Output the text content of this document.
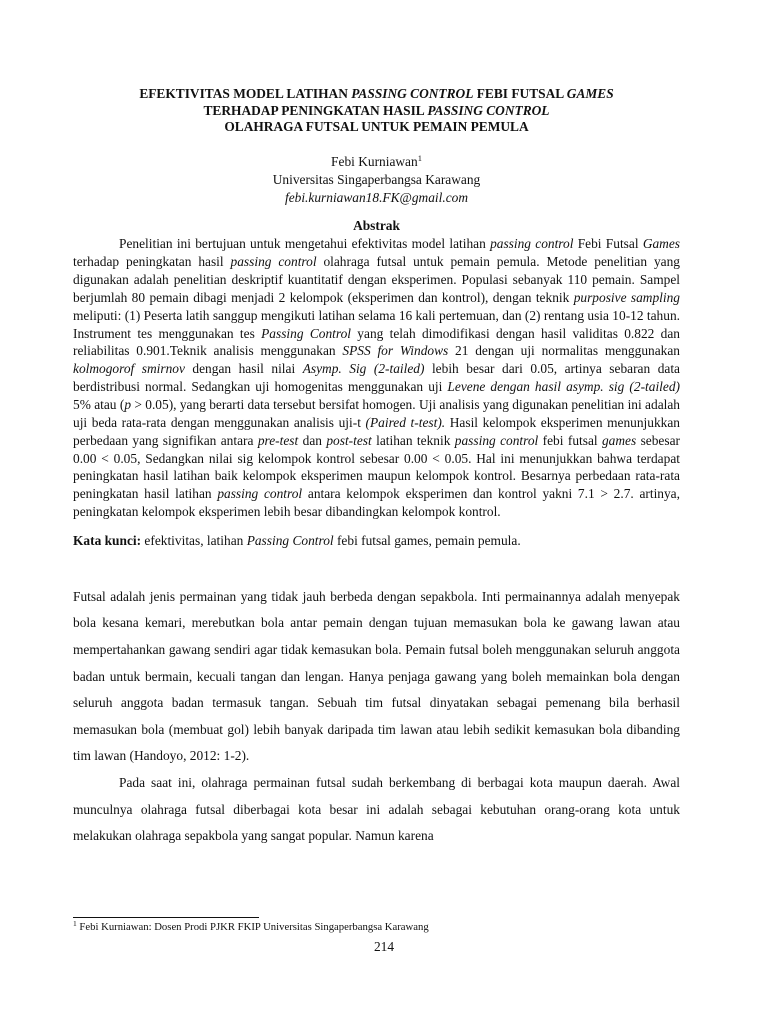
EFEKTIVITAS MODEL LATIHAN PASSING CONTROL FEBI FUTSAL GAMES
TERHADAP PENINGKATAN HASIL PASSING CONTROL
OLAHRAGA FUTSAL UNTUK PEMAIN PEMULA
Febi Kurniawan$^1$
Universitas Singaperbangsa Karawang
febi.kurniawan18.FK@gmail.com
Abstrak

Penelitian ini bertujuan untuk mengetahui efektivitas model latihan passing control Febi Futsal Games terhadap peningkatan hasil passing control olahraga futsal untuk pemain pemula. Metode penelitian yang digunakan adalah penelitian deskriptif kuantitatif dengan eksperimen. Populasi sebanyak 110 pemain. Sampel berjumlah 80 pemain dibagi menjadi 2 kelompok (eksperimen dan kontrol), dengan teknik purposive sampling meliputi: (1) Peserta latih sanggup mengikuti latihan selama 16 kali pertemuan, dan (2) rentang usia 10-12 tahun. Instrument tes menggunakan tes Passing Control yang telah dimodifikasi dengan hasil validitas 0.822 dan reliabilitas 0.901.Teknik analisis menggunakan SPSS for Windows 21 dengan uji normalitas menggunakan kolmogorof smirnov dengan hasil nilai Asymp. Sig (2-tailed) lebih besar dari 0.05, artinya sebaran data berdistribusi normal. Sedangkan uji homogenitas menggunakan uji Levene dengan hasil asymp. sig (2-tailed) 5% atau (p > 0.05), yang berarti data tersebut bersifat homogen. Uji analisis yang digunakan penelitian ini adalah uji beda rata-rata dengan menggunakan analisis uji-t (Paired t-test). Hasil kelompok eksperimen menunjukkan perbedaan yang signifikan antara pre-test dan post-test latihan teknik passing control febi futsal games sebesar 0.00 < 0.05, Sedangkan nilai sig kelompok kontrol sebesar 0.00 < 0.05. Hal ini menunjukkan bahwa terdapat peningkatan hasil latihan baik kelompok eksperimen maupun kelompok kontrol. Besarnya perbedaan rata-rata peningkatan hasil latihan passing control antara kelompok eksperimen dan kontrol yakni 7.1 > 2.7. artinya, peningkatan kelompok eksperimen lebih besar dibandingkan kelompok kontrol.

Kata kunci: efektivitas, latihan Passing Control febi futsal games, pemain pemula.

Futsal adalah jenis permainan yang tidak jauh berbeda dengan sepakbola. Inti permainannya adalah menyepak bola kesana kemari, merebutkan bola antar pemain dengan tujuan memasukan bola ke gawang lawan atau mempertahankan gawang sendiri agar tidak kemasukan bola. Pemain futsal boleh menggunakan seluruh anggota badan untuk bermain, kecuali tangan dan lengan. Hanya penjaga gawang yang boleh memainkan bola dengan seluruh anggota badan termasuk tangan. Sebuah tim futsal dinyatakan sebagai pemenang bila berhasil memasukan bola (membuat gol) lebih banyak daripada tim lawan atau lebih sedikit kemasukan bola dibanding tim lawan (Handoyo, 2012: 1-2).

Pada saat ini, olahraga permainan futsal sudah berkembang di berbagai kota maupun daerah. Awal munculnya olahraga futsal diberbagai kota besar ini adalah sebagai kebutuhan orang-orang kota untuk melakukan olahraga sepakbola yang sangat popular. Namun karena

$^1$ Febi Kurniawan: Dosen Prodi PJKR FKIP Universitas Singaperbangsa Karawang
214
